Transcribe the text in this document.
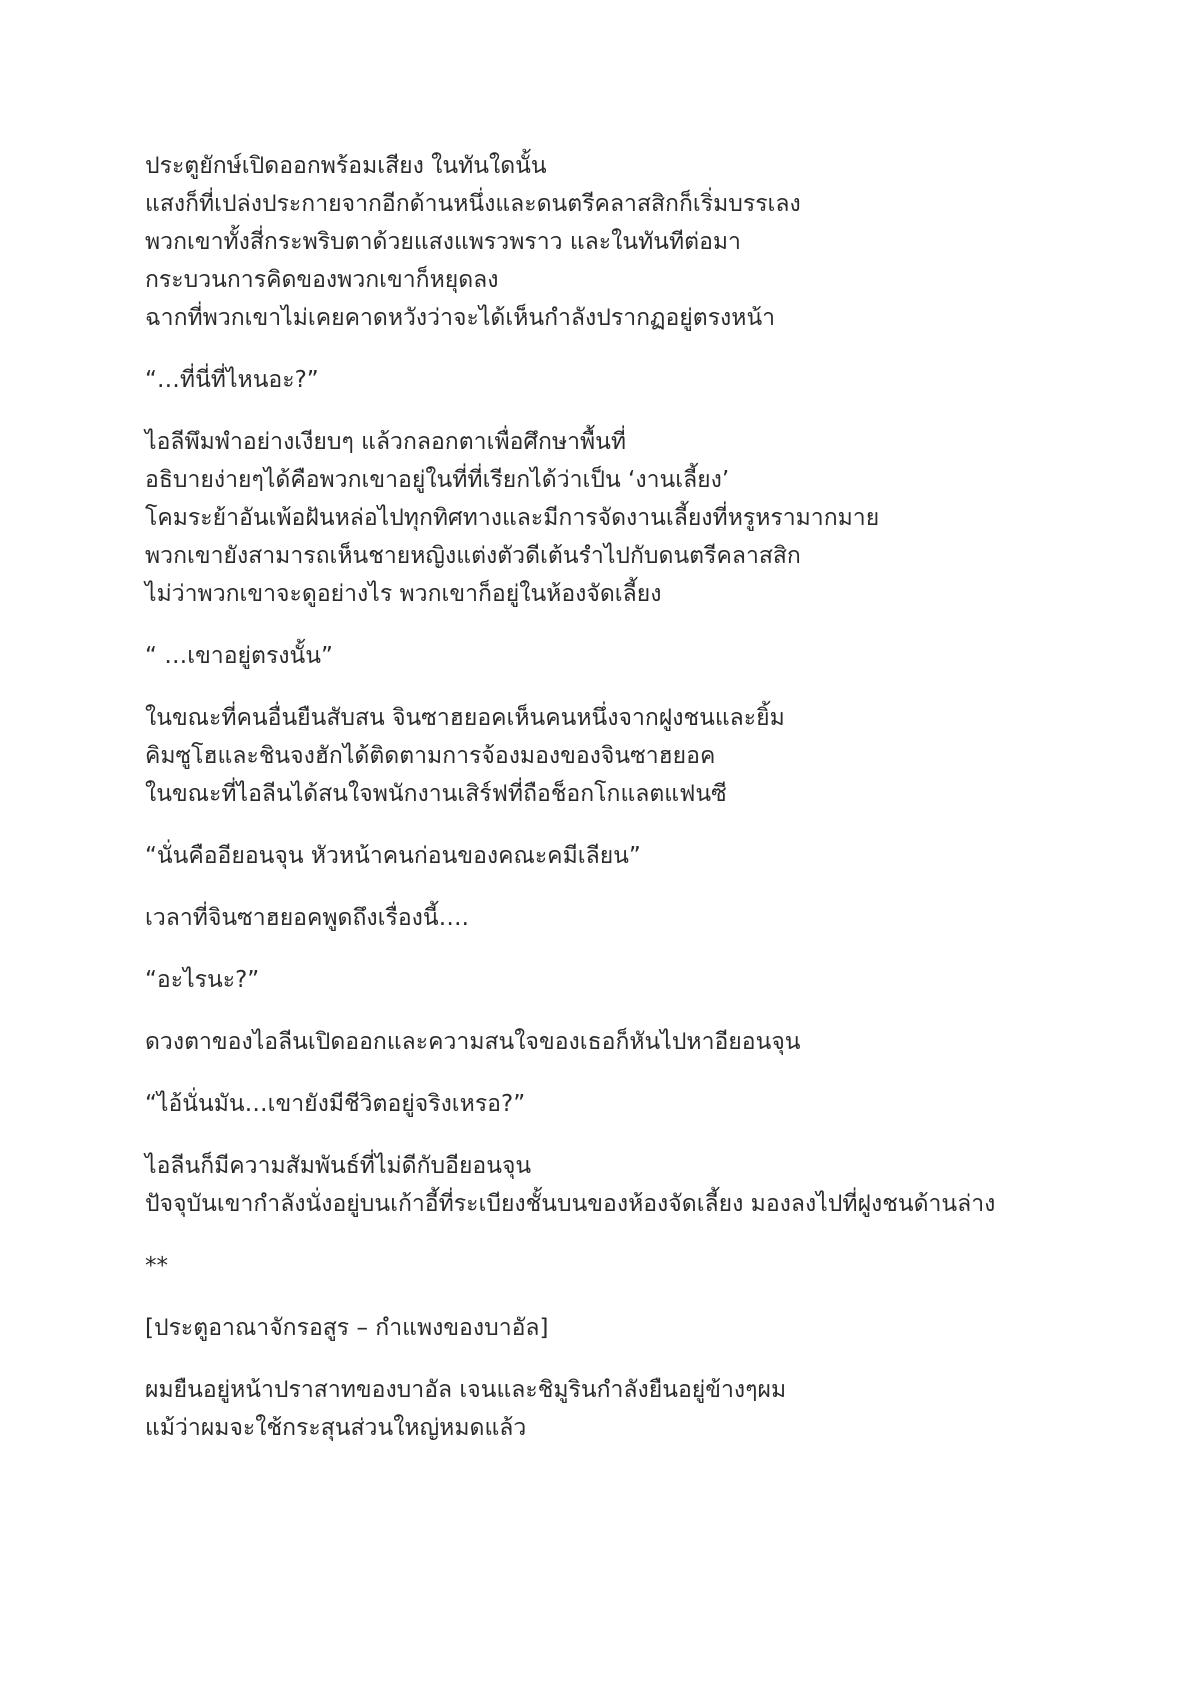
ประตูยักษ์เปิดออกพร้อมเสียง ในทันใดนั้น
แสงก็ที่เปล่งประกายจากอีกด้านหนึ่งและดนตรีคลาสสิกก็เริ่มบรรเลง
พวกเขาทั้งสี่กระพริบตาด้วยแสงแพรวพราว และในทันทีต่อมา
กระบวนการคิดของพวกเขาก็หยุดลง
ฉากที่พวกเขาไม่เคยคาดหวังว่าจะได้เห็นกำลังปรากฏอยู่ตรงหน้า
“…ที่นี่ที่ไหนอะ?”
ไอลีพึมพำอย่างเงียบๆ แล้วกลอกตาเพื่อศึกษาพื้นที่
อธิบายง่ายๆได้คือพวกเขาอยู่ในที่ที่เรียกได้ว่าเป็น ‘งานเลี้ยง’
โคมระย้าอันเพ้อฝันหล่อไปทุกทิศทางและมีการจัดงานเลี้ยงที่หรูหรามากมาย
พวกเขายังสามารถเห็นชายหญิงแต่งตัวดีเต้นรำไปกับดนตรีคลาสสิก
ไม่ว่าพวกเขาจะดูอย่างไร พวกเขาก็อยู่ในห้องจัดเลี้ยง
“ …เขาอยู่ตรงนั้น”
ในขณะที่คนอื่นยืนสับสน จินซาฮยอคเห็นคนหนึ่งจากฝูงชนและยิ้ม
คิมซูโฮและชินจงฮักได้ติดตามการจ้องมองของจินซาฮยอค
ในขณะที่ไอลีนได้สนใจพนักงานเสิร์ฟที่ถือช็อกโกแลตแฟนซี
“นั่นคืออียอนจุน หัวหน้าคนก่อนของคณะคมีเลียน”
เวลาที่จินซาฮยอคพูดถึงเรื่องนี้….
“อะไรนะ?”
ดวงตาของไอลีนเปิดออกและความสนใจของเธอก็หันไปหาอียอนจุน
“ไอ้นั่นมัน…เขายังมีชีวิตอยู่จริงเหรอ?”
ไอลีนก็มีความสัมพันธ์ที่ไม่ดีกับอียอนจุน
ปัจจุบันเขากำลังนั่งอยู่บนเก้าอี้ที่ระเบียงชั้นบนของห้องจัดเลี้ยง มองลงไปที่ฝูงชนด้านล่าง
**
[ประตูอาณาจักรอสูร – กำแพงของบาอัล]
ผมยืนอยู่หน้าปราสาทของบาอัล เจนและชิมูรินกำลังยืนอยู่ข้างๆผม
แม้ว่าผมจะใช้กระสุนส่วนใหญ่หมดแล้ว
